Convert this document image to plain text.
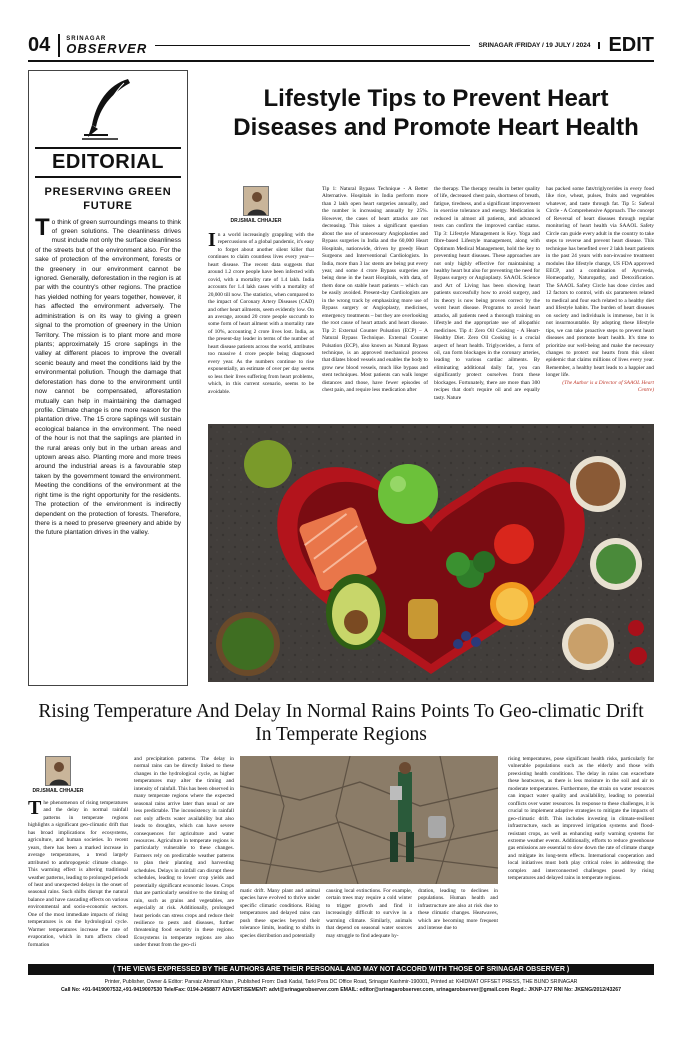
04	SRINAGAR
OBSERVER	SRINAGAR /FRIDAY / 19 JULY / 2024 EDIT
EDITORIAL
PRESERVING GREEN FUTURE
To think of green surroundings means to think of green solutions. The cleanliness drives must include not only the surface cleanliness of the streets but of the environment also. For the sake of protection of the environment, forests or the greenery in our environment cannot be ignored. Generally, deforestation in the region is at par with the country's other regions. The practice has yielded nothing for years together, however, it has affected the environment adversely. The administration is on its way to giving a green signal to the promotion of greenery in the Union Territory. The mission is to plant more and more plants; approximately 15 crore saplings in the valley at different places to improve the overall scenic beauty and meet the conditions laid by the environmental pollution. Though the damage that deforestation has done to the environment until now cannot be compensated, afforestation mutually can help in maintaining the damaged profile. Climate change is one more reason for the plantation drive. The 15 crore saplings will sustain ecological balance in the environment. The need of the hour is not that the saplings are planted in the rural areas only but in the urban areas and uptown areas also. Planting more and more trees around the industrial areas is a favourable step taken by the government toward the environment. Meeting the conditions of the environment at the right time is the right opportunity for the residents. The protection of the environment is indirectly dependent on the protection of forests. Therefore, there is a need to preserve greenery and abide by the future plantation drives in the valley.
Lifestyle Tips to Prevent Heart Diseases and Promote Heart Health
DR.ISMAIL CHHAJER
In a world increasingly grappling with the repercussions of a global pandemic, it's easy to forget about another silent killer that continues to claim countless lives every year—heart disease. The recent data suggests that around 1.2 crore people have been infected with covid, with a mortality rate of 1.4 lakh. India accounts for 1.4 lakh cases with a mortality of 20,000 till now. The statistics, when compared to the impact of Coronary Artery Diseases (CAD) and other heart ailments, seem evidently low. On an average, around 20 crore people succumb to some form of heart ailment with a mortality rate of 10%, accounting 2 crore lives lost. India, as the present-day leader in terms of the number of heart disease patients across the world, attributes too massive 4 crore people being diagnosed every year. As the numbers continue to rise exponentially, an estimate of over per day seems so less their lives suffering from heart problems, which, in this current scenario, seems to be avoidable.
Tip 1: Natural Bypass Technique - A Better Alternative. Hospitals in India perform more than 2 lakh open heart surgeries annually, and the number is increasing annually by 25%. However, the cases of heart attacks are not decreasing. This raises a significant question about the use of unnecessary Angioplasties and Bypass surgeries in India and the 60,000 Heart Hospitals, nationwide, driven by greedy Heart Surgeons and Interventional Cardiologists. In India, more than 3 lac stents are being put every year, and some 4 crore Bypass surgeries are being done in the heart Hospitals, with data, of them done on stable heart patients – which can be easily avoided. Present-day Cardiologists are in the wrong track by emphasizing more use of Bypass surgery or Angioplasty, medicines, emergency treatments – but they are overlooking the root cause of heart attack and heart disease. Tip 2: External Counter Pulsation (ECP) – A Natural Bypass Technique. External Counter Pulsation (ECP), also known as Natural Bypass technique, is an approved mechanical process that dilates blood vessels and enables the body to grow new blood vessels, much like bypass and stent techniques. Most patients can walk longer distances and those, have fewer episodes of chest pain, and require less medication after
the therapy. The therapy results in better quality of life, decreased chest pain, shortness of breath, fatigue, tiredness, and a significant improvement in exercise tolerance and energy. Medication is reduced in almost all patients, and advanced tests can confirm the improved cardiac status. Tip 3: Lifestyle Management is Key. Yoga and fibre-based Lifestyle management, along with Optimum Medical Management, hold the key to preventing heart diseases. These approaches are not only highly effective for maintaining a healthy heart but also for preventing the need for Bypass surgery or Angioplasty. SAAOL Science and Art of Living has been showing heart patients successfully how to avoid surgery, and its theory is now being proven correct by the worst heart disease. Programs to avoid heart attacks, all patients need a thorough training on lifestyle and the appropriate use of allopathic medicines. Tip 4: Zero Oil Cooking - A Heart-Healthy Diet. Zero Oil Cooking is a crucial aspect of heart health. Triglycerides, a form of oil, can form blockages in the coronary arteries, leading to various cardiac ailments. By eliminating additional daily fat, you can significantly protect ourselves from these blockages. Fortunately, there are more than 300 recipes that don't require oil and are equally tasty. Nature
has packed some fats/triglycerides in every food like rice, wheat, pulses, fruits and vegetables whatever, and taste through fat. Tip 5: Saferal Circle - A Comprehensive Approach. The concept of Reversal of heart diseases through regular monitoring of heart health via SAAOL Safety Circle can guide every adult in the country to take steps to reverse and prevent heart disease. This technique has benefited over 2 lakh heart patients in the past 24 years with non-invasive treatment modules like lifestyle change, US FDA approved EECP, and a combination of Ayurveda, Homeopathy, Naturopathy, and Detoxification. The SAAOL Safety Circle has done circles and 12 factors to control, with six parameters related to medical and four each related to a healthy diet and lifestyle habits. The burden of heart diseases on society and individuals is immense, but it is not insurmountable. By adopting these lifestyle tips, we can take proactive steps to prevent heart diseases and promote heart health. It's time to prioritize our well-being and make the necessary changes to protect our hearts from this silent epidemic that claims millions of lives every year. Remember, a healthy heart leads to a happier and longer life.
(The Author is a Director of SAAOL Heart Centre)
Rising Temperature And Delay In Normal Rains Points To Geo-climatic Drift In Temperate Regions
DR.ISMAIL CHHAJER
The phenomenon of rising temperatures and the delay in normal rainfall patterns in temperate regions highlights a significant geo-climatic drift that has broad implications for ecosystems, agriculture, and human societies. In recent years, there has been a marked increase in average temperatures, a trend largely attributed to anthropogenic climate change. This warming effect is altering traditional weather patterns, leading to prolonged periods of heat and unexpected delays in the onset of seasonal rains. Such shifts disrupt the natural balance and have cascading effects on various environmental and socio-economic sectors. One of the most immediate impacts of rising temperatures is on the hydrological cycle. Warmer temperatures increase the rate of evaporation, which in turn affects cloud formation
and precipitation patterns. The delay in normal rains can be directly linked to these changes in the hydrological cycle, as higher temperatures may alter the timing and intensity of rainfall. This has been observed in many temperate regions where the expected seasonal rains arrive later than usual or are less predictable. The inconsistency in rainfall not only affects water availability but also leads to droughts, which can have severe consequences for agriculture and water resources. Agriculture in temperate regions is particularly vulnerable to these changes. Farmers rely on predictable weather patterns to plan their planting and harvesting schedules. Delays in rainfall can disrupt these schedules, leading to lower crop yields and potentially significant economic losses. Crops that are particularly sensitive to the timing of rain, such as grains and vegetables, are especially at risk. Additionally, prolonged heat periods can stress crops and reduce their resilience to pests and diseases, further threatening food security in these regions. Ecosystems in temperate regions are also under threat from the geo-cli
matic drift. Many plant and animal species have evolved to thrive under specific climatic conditions. Rising temperatures and delayed rains can push these species beyond their tolerance limits, leading to shifts in species distribution and potentially
causing local extinctions. For example, certain trees may require a cold winter to trigger growth and find it increasingly difficult to survive in a warming climate. Similarly, animals that depend on seasonal water sources may struggle to find adequate hy-
dration, leading to declines in populations. Human health and infrastructure are also at risk due to these climatic changes. Heatwaves, which are becoming more frequent and intense due to
rising temperatures, pose significant health risks, particularly for vulnerable populations such as the elderly and those with preexisting health conditions. The delay in rains can exacerbate these heatwaves, as there is less moisture in the soil and air to moderate temperatures. Furthermore, the strain on water resources can impact water quality and availability, leading to potential conflicts over water resources. In response to these challenges, it is crucial to implement adaptive strategies to mitigate the impacts of geo-climatic drift. This includes investing in climate-resilient infrastructure, such as improved irrigation systems and flood-resistant crops, as well as enhancing early warning systems for extreme weather events. Additionally, efforts to reduce greenhouse gas emissions are essential to slow down the rate of climate change and mitigate its long-term effects. International cooperation and local initiatives must both play critical roles in addressing the complex and interconnected challenges posed by rising temperatures and delayed rains in temperate regions.
( THE VIEWS EXPRESSED BY THE AUTHORS ARE THEIR PERSONAL AND MAY NOT ACCORD WITH THOSE OF SRINAGAR OBSERVER )
Printer, Publisher, Owner & Editor: Parvaiz Ahmad Khan , Published From: Dadi Kadal, Tarki Pora DC Office Road, Srinagar Kashmir-190001, Printed at: KHIDMAT OFFSET PRESS, THE BUND SRINAGAR
Call No: +91-9419007532,+91-9419007530 Tele/Fax: 0194-2458877 ADVERTISEMENT: advt@srinagarobserver.com EMAIL: editor@srinagarobserver.com, srinagarobserver@gmail.com Regd.: JKNP-177 RNI No: JKENG/2012/43267
